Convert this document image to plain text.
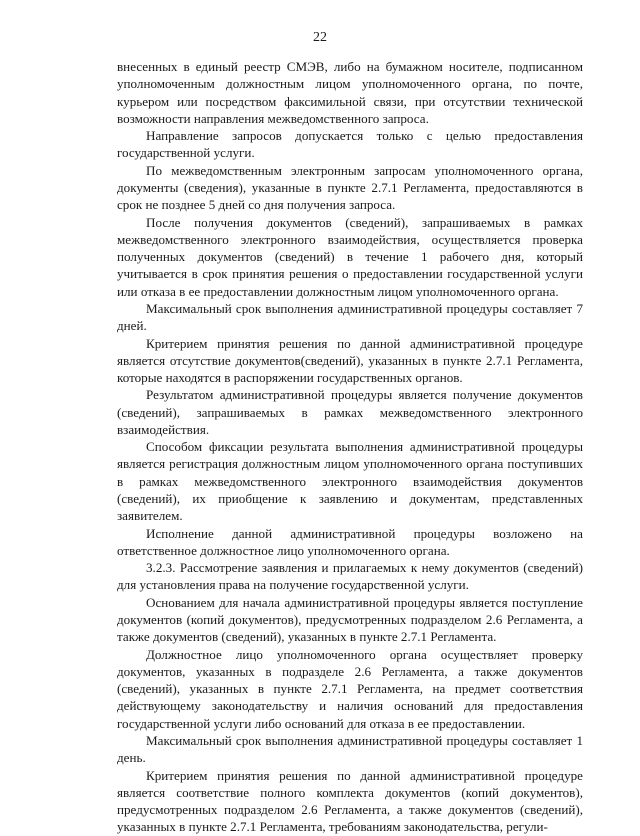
22

внесенных в единый реестр СМЭВ, либо на бумажном носителе, подписанном уполномоченным должностным лицом уполномоченного органа, по почте, курьером или посредством факсимильной связи, при отсутствии технической возможности направления межведомственного запроса.

Направление запросов допускается только с целью предоставления государственной услуги.

По межведомственным электронным запросам уполномоченного органа, документы (сведения), указанные в пункте 2.7.1 Регламента, предоставляются в срок не позднее 5 дней со дня получения запроса.

После получения документов (сведений), запрашиваемых в рамках межведомственного электронного взаимодействия, осуществляется проверка полученных документов (сведений) в течение 1 рабочего дня, который учитывается в срок принятия решения о предоставлении государственной услуги или отказа в ее предоставлении должностным лицом уполномоченного органа.

Максимальный срок выполнения административной процедуры составляет 7 дней.

Критерием принятия решения по данной административной процедуре является отсутствие документов(сведений), указанных в пункте 2.7.1 Регламента, которые находятся в распоряжении государственных органов.

Результатом административной процедуры является получение документов (сведений), запрашиваемых в рамках межведомственного электронного взаимодействия.

Способом фиксации результата выполнения административной процедуры является регистрация должностным лицом уполномоченного органа поступивших в рамках межведомственного электронного взаимодействия документов (сведений), их приобщение к заявлению и документам, представленных заявителем.

Исполнение данной административной процедуры возложено на ответственное должностное лицо уполномоченного органа.

3.2.3. Рассмотрение заявления и прилагаемых к нему документов (сведений) для установления права на получение государственной услуги.

Основанием для начала административной процедуры является поступление документов (копий документов), предусмотренных подразделом 2.6 Регламента, а также документов (сведений), указанных в пункте 2.7.1 Регламента.

Должностное лицо уполномоченного органа осуществляет проверку документов, указанных в подразделе 2.6 Регламента, а также документов (сведений), указанных в пункте 2.7.1 Регламента, на предмет соответствия действующему законодательству и наличия оснований для предоставления государственной услуги либо оснований для отказа в ее предоставлении.

Максимальный срок выполнения административной процедуры составляет 1 день.

Критерием принятия решения по данной административной процедуре является соответствие полного комплекта документов (копий документов), предусмотренных подразделом 2.6 Регламента, а также документов (сведений), указанных в пункте 2.7.1 Регламента, требованиям законодательства, регули-
